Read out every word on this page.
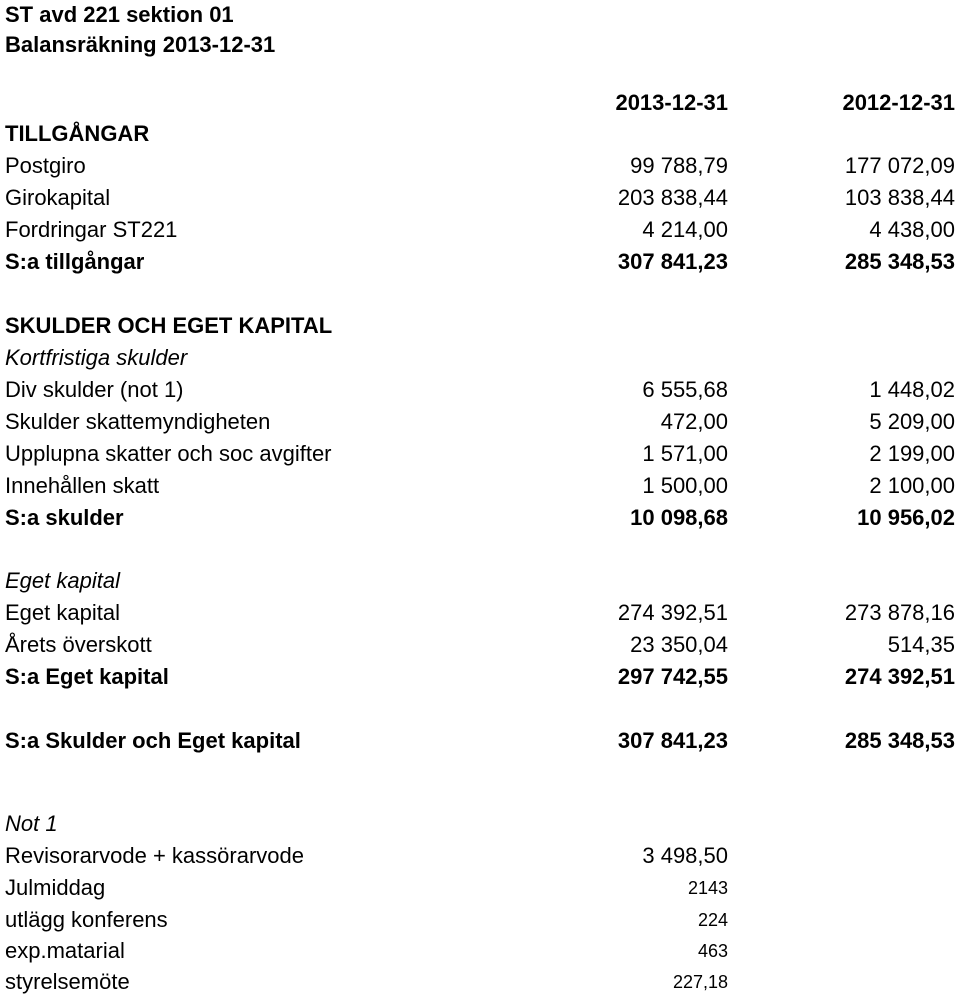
ST avd 221 sektion 01
Balansräkning 2013-12-31
2013-12-31	2012-12-31
TILLGÅNGAR
Postgiro	99 788,79	177 072,09
Girokapital	203 838,44	103 838,44
Fordringar ST221	4 214,00	4 438,00
S:a tillgångar	307 841,23	285 348,53
SKULDER OCH EGET KAPITAL
Kortfristiga skulder
Div skulder (not 1)	6 555,68	1 448,02
Skulder skattemyndigheten	472,00	5 209,00
Upplupna skatter och soc avgifter	1 571,00	2 199,00
Innehållen skatt	1 500,00	2 100,00
S:a skulder	10 098,68	10 956,02
Eget kapital
Eget kapital	274 392,51	273 878,16
Årets överskott	23 350,04	514,35
S:a Eget kapital	297 742,55	274 392,51
S:a Skulder och Eget kapital	307 841,23	285 348,53
Not 1
Revisorarvode + kassörarvode	3 498,50
Julmiddag	2143
utlägg konferens	224
exp.matarial	463
styrelsemöte	227,18
